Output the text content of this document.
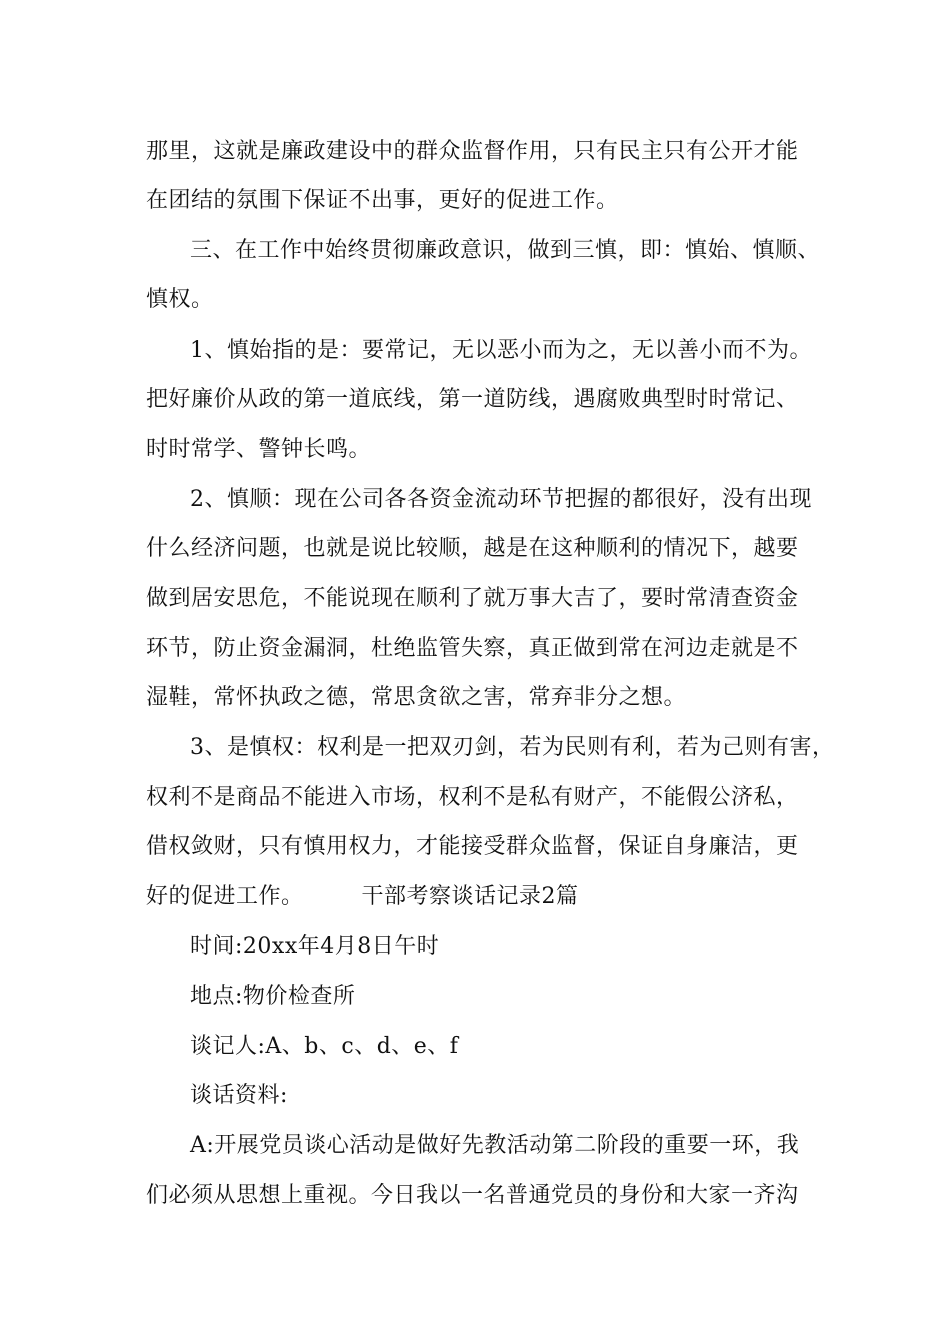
那里，这就是廉政建设中的群众监督作用，只有民主只有公开才能
在团结的氛围下保证不出事，更好的促进工作。
三、在工作中始终贯彻廉政意识，做到三慎，即：慎始、慎顺、
慎权。
1、慎始指的是：要常记，无以恶小而为之，无以善小而不为。
把好廉价从政的第一道底线，第一道防线，遇腐败典型时时常记、
时时常学、警钟长鸣。
2、慎顺：现在公司各各资金流动环节把握的都很好，没有出现
什么经济问题，也就是说比较顺，越是在这种顺利的情况下，越要
做到居安思危，不能说现在顺利了就万事大吉了，要时常清查资金
环节，防止资金漏洞，杜绝监管失察，真正做到常在河边走就是不
湿鞋，常怀执政之德，常思贪欲之害，常弃非分之想。
3、是慎权：权利是一把双刃剑，若为民则有利，若为己则有害，
权利不是商品不能进入市场，权利不是私有财产，不能假公济私，
借权敛财，只有慎用权力，才能接受群众监督，保证自身廉洁，更
好的促进工作。	干部考察谈话记录2篇
时间:20xx年4月8日午时
地点:物价检查所
谈记人:A、b、c、d、e、f
谈话资料:
A:开展党员谈心活动是做好先教活动第二阶段的重要一环，我
们必须从思想上重视。今日我以一名普通党员的身份和大家一齐沟
